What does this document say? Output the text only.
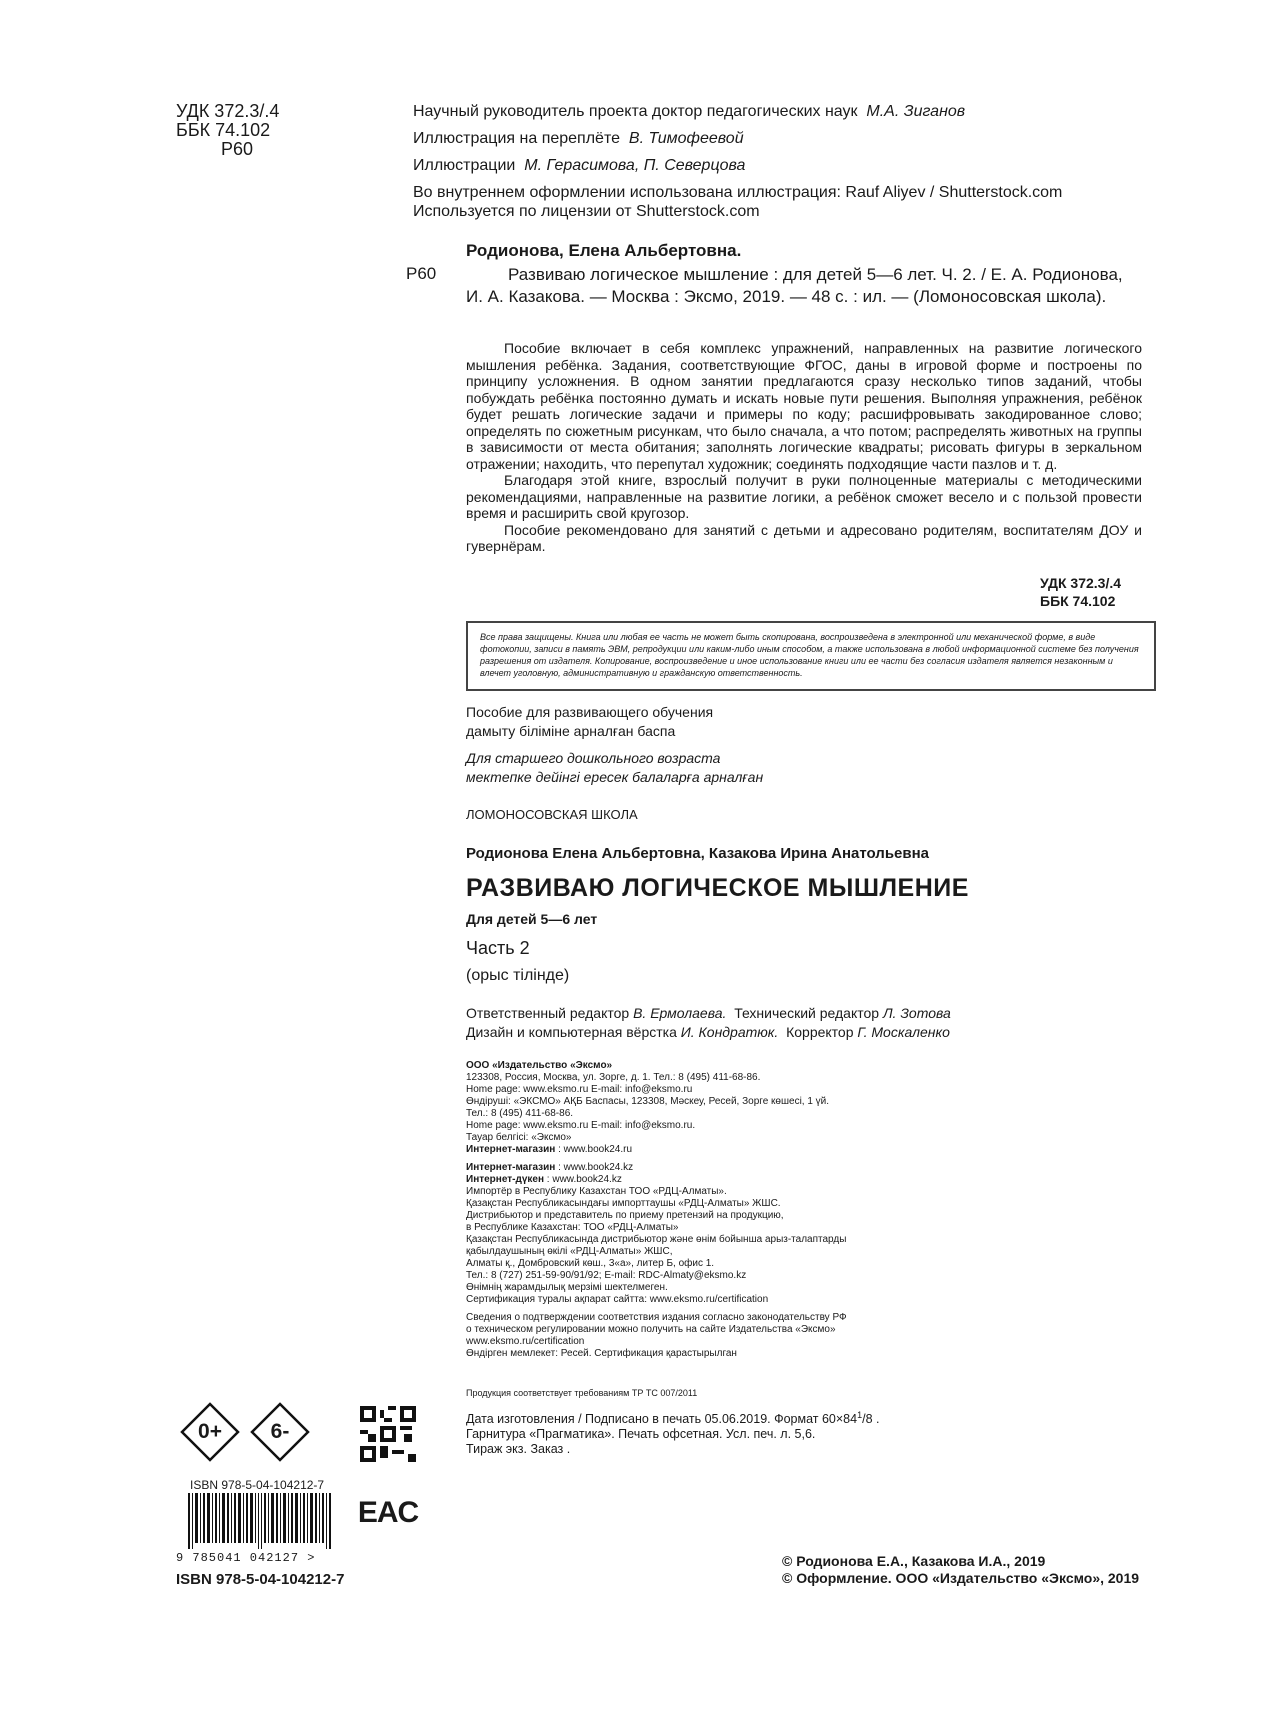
УДК 372.3/.4
ББК 74.102
Р60
Научный руководитель проекта доктор педагогических наук М.А. Зиганов
Иллюстрация на переплёте В. Тимофеевой
Иллюстрации М. Герасимова, П. Северцова
Во внутреннем оформлении использована иллюстрация: Rauf Aliyev / Shutterstock.com
Используется по лицензии от Shutterstock.com
Родионова, Елена Альбертовна.
Р60	Развиваю логическое мышление : для детей 5—6 лет. Ч. 2. / Е. А. Родионова, И. А. Казакова. — Москва : Эксмо, 2019. — 48 с. : ил. — (Ломоносовская школа).

Пособие включает в себя комплекс упражнений, направленных на развитие логического мышления ребёнка. Задания, соответствующие ФГОС, даны в игровой форме и построены по принципу усложнения. В одном занятии предлагаются сразу несколько типов заданий, чтобы побуждать ребёнка постоянно думать и искать новые пути решения. Выполняя упражнения, ребёнок будет решать логические задачи и примеры по коду; расшифровывать закодированное слово; определять по сюжетным рисункам, что было сначала, а что потом; распределять животных на группы в зависимости от места обитания; заполнять логические квадраты; рисовать фигуры в зеркальном отражении; находить, что перепутал художник; соединять подходящие части пазлов и т. д.

Благодаря этой книге, взрослый получит в руки полноценные материалы с методическими рекомендациями, направленные на развитие логики, а ребёнок сможет весело и с пользой провести время и расширить свой кругозор.

Пособие рекомендовано для занятий с детьми и адресовано родителям, воспитателям ДОУ и гувернёрам.

УДК 372.3/.4
ББК 74.102
Все права защищены. Книга или любая ее часть не может быть скопирована, воспроизведена в электронной или механической форме, в виде фотокопии, записи в память ЭВМ, репродукции или каким-либо иным способом, а также использована в любой информационной системе без получения разрешения от издателя. Копирование, воспроизведение и иное использование книги или ее части без согласия издателя является незаконным и влечет уголовную, административную и гражданскую ответственность.
Пособие для развивающего обучения
дамыту біліміне арналған баспа
Для старшего дошкольного возраста
мектепке дейінгі ересек балаларға арналған
ЛОМОНОСОВСКАЯ ШКОЛА
Родионова Елена Альбертовна, Казакова Ирина Анатольевна
РАЗВИВАЮ ЛОГИЧЕСКОЕ МЫШЛЕНИЕ
Для детей 5—6 лет
Часть 2
(орыс тілінде)
Ответственный редактор В. Ермолаева. Технический редактор Л. Зотова
Дизайн и компьютерная вёрстка И. Кондратюк. Корректор Г. Москаленко
ООО «Издательство «Эксмо»
123308, Россия, Москва, ул. Зорге, д. 1. Тел.: 8 (495) 411-68-86.
Home page: www.eksmo.ru E-mail: info@eksmo.ru
Өндіруші: «ЭКСМО» АҚБ Баспасы, 123308, Мәскеу, Ресей, Зорге көшесі, 1 үй.
Тел.: 8 (495) 411-68-86.
Home page: www.eksmo.ru E-mail: info@eksmo.ru.
Тауар белгісі: «Эксмо»
Интернет-магазин : www.book24.ru
Интернет-магазин : www.book24.kz
Интернет-дүкен : www.book24.kz
Импортёр в Республику Казахстан ТОО «РДЦ-Алматы».
Қазақстан Республикасындағы импорттаушы «РДЦ-Алматы» ЖШС.
Дистрибьютор и представитель по приему претензий на продукцию,
в Республике Казахстан: ТОО «РДЦ-Алматы»
Қазақстан Республикасында дистрибьютор және өнім бойынша арыз-талаптарды
қабылдаушының өкілі «РДЦ-Алматы» ЖШС,
Алматы қ., Домбровский көш., 3«а», литер Б, офис 1.
Тел.: 8 (727) 251-59-90/91/92; E-mail: RDC-Almaty@eksmo.kz
Өнімнің жарамдылық мерзімі шектелмеген.
Сертификация туралы ақпарат сайтта: www.eksmo.ru/certification
Сведения о подтверждении соответствия издания согласно законодательству РФ
о техническом регулировании можно получить на сайте Издательства «Эксмо»
www.eksmo.ru/certification
Өндірген мемлекет: Ресей. Сертификация қарастырылган
Продукция соответствует требованиям ТР ТС 007/2011
Дата изготовления / Подписано в печать 05.06.2019. Формат $60\times 84^1/8$ .
Гарнитура «Прагматика». Печать офсетная. Усл. печ. л. 5,6.
Тираж экз. Заказ .
0+	6-
ISBN 978-5-04-104212-7
9 785041 042127 >
EAC
ISBN 978-5-04-104212-7
© Родионова Е.А., Казакова И.А., 2019
© Оформление. ООО «Издательство «Эксмо», 2019
